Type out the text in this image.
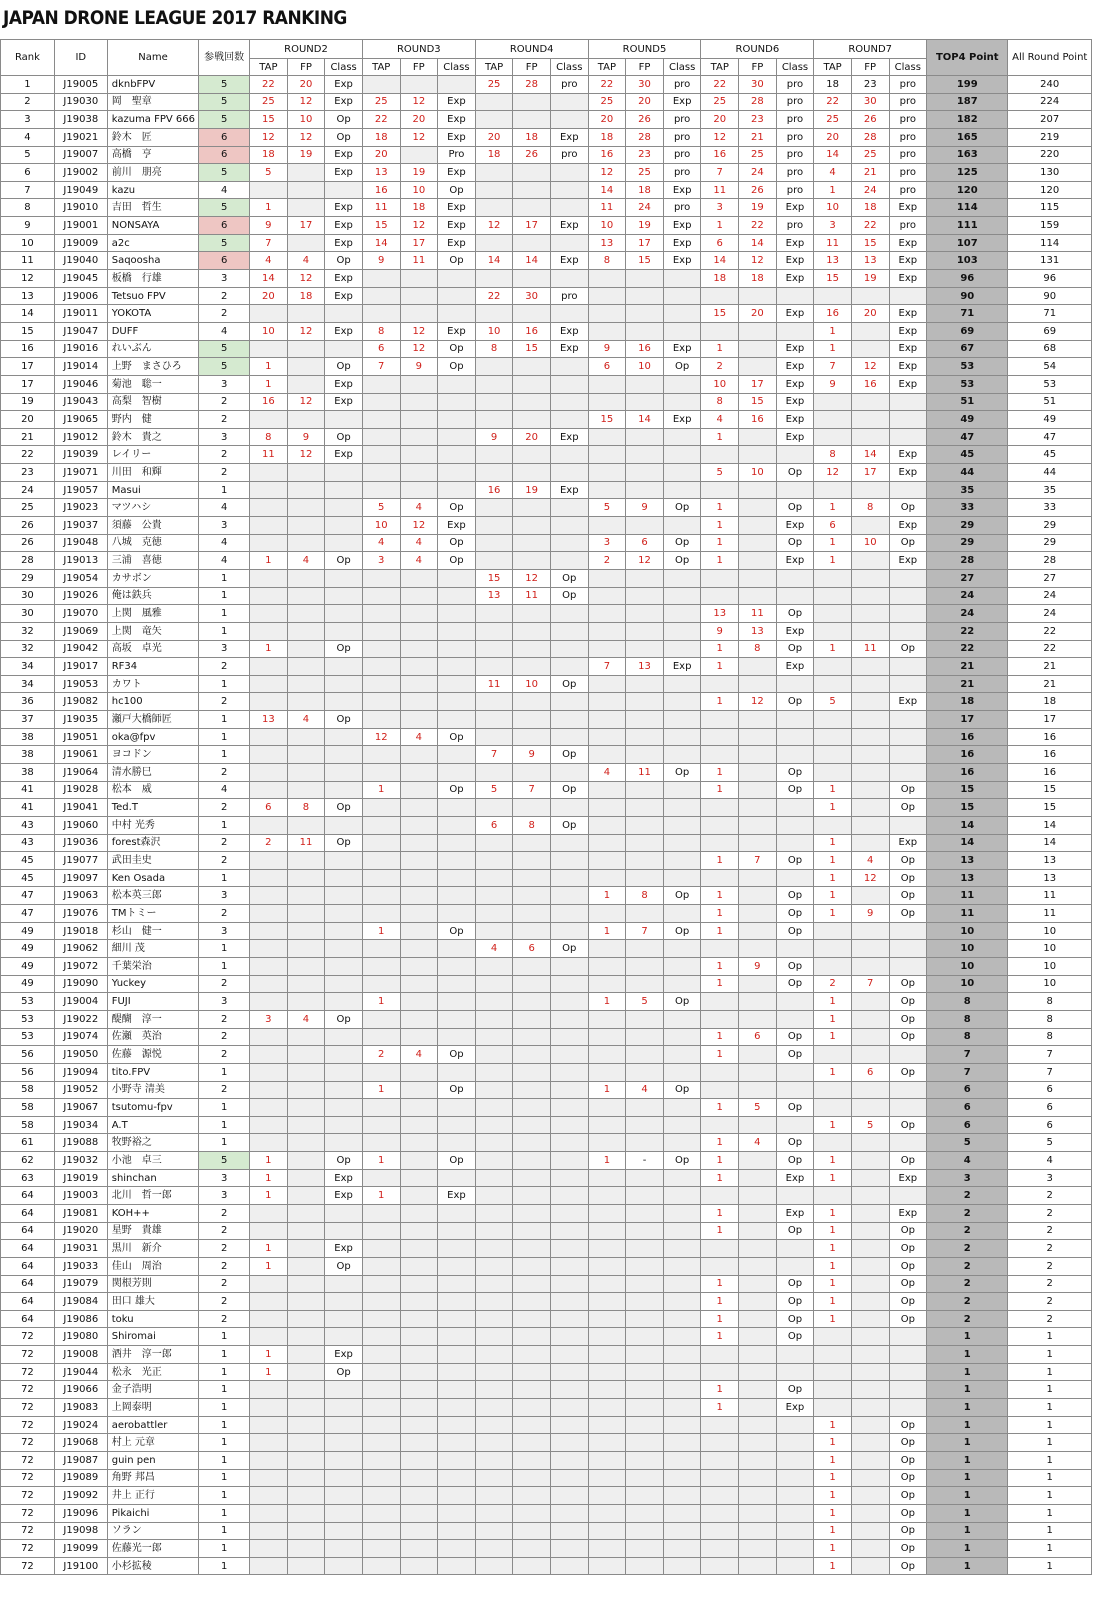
JAPAN DRONE LEAGUE 2017 RANKING
Rank	ID	Name	参戦回数	ROUND2			ROUND3			ROUND4			ROUND5			ROUND6			ROUND7			TOP4 Point	All Round Point
				TAP	FP	Class	TAP	FP	Class	TAP	FP	Class	TAP	FP	Class	TAP	FP	Class	TAP	FP	Class		
1	J19005	dknbFPV	5	22	20	Exp				25	28	pro	22	30	pro	22	30	pro	18	23	pro	199	240
2	J19030	岡　聖章	5	25	12	Exp	25	12	Exp				25	20	Exp	25	28	pro	22	30	pro	187	224
3	J19038	kazuma FPV 666	5	15	10	Op	22	20	Exp				20	26	pro	20	23	pro	25	26	pro	182	207
4	J19021	鈴木　匠	6	12	12	Op	18	12	Exp	20	18	Exp	18	28	pro	12	21	pro	20	28	pro	165	219
5	J19007	高橋　亨	6	18	19	Exp	20		Pro	18	26	pro	16	23	pro	16	25	pro	14	25	pro	163	220
6	J19002	前川　朋亮	5	5		Exp	13	19	Exp				12	25	pro	7	24	pro	4	21	pro	125	130
7	J19049	kazu	4				16	10	Op				14	18	Exp	11	26	pro	1	24	pro	120	120
8	J19010	吉田　哲生	5	1		Exp	11	18	Exp				11	24	pro	3	19	Exp	10	18	Exp	114	115
9	J19001	NONSAYA	6	9	17	Exp	15	12	Exp	12	17	Exp	10	19	Exp	1	22	pro	3	22	pro	111	159
10	J19009	a2c	5	7		Exp	14	17	Exp				13	17	Exp	6	14	Exp	11	15	Exp	107	114
11	J19040	Saqoosha	6	4	4	Op	9	11	Op	14	14	Exp	8	15	Exp	14	12	Exp	13	13	Exp	103	131
12	J19045	板橋　行雄	3	14	12	Exp										18	18	Exp	15	19	Exp	96	96
13	J19006	Tetsuo FPV	2	20	18	Exp				22	30	pro										90	90
14	J19011	YOKOTA	2													15	20	Exp	16	20	Exp	71	71
15	J19047	DUFF	4	10	12	Exp	8	12	Exp	10	16	Exp							1		Exp	69	69
16	J19016	れいぶん	5				6	12	Op	8	15	Exp	9	16	Exp	1		Exp	1		Exp	67	68
17	J19014	上野　まさひろ	5	1		Op	7	9	Op				6	10	Op	2		Exp	7	12	Exp	53	54
17	J19046	菊池　聡一	3	1		Exp										10	17	Exp	9	16	Exp	53	53
19	J19043	高梨　智樹	2	16	12	Exp										8	15	Exp				51	51
20	J19065	野内　健	2										15	14	Exp	4	16	Exp				49	49
21	J19012	鈴木　貴之	3	8	9	Op				9	20	Exp				1		Exp				47	47
22	J19039	レイリー	2	11	12	Exp													8	14	Exp	45	45
23	J19071	川田　和輝	2													5	10	Op	12	17	Exp	44	44
24	J19057	Masui	1							16	19	Exp										35	35
25	J19023	マツハシ	4				5	4	Op				5	9	Op	1		Op	1	8	Op	33	33
26	J19037	須藤　公貴	3				10	12	Exp							1		Exp	6		Exp	29	29
26	J19048	八城　克徳	4				4	4	Op				3	6	Op	1		Op	1	10	Op	29	29
28	J19013	三浦　喜徳	4	1	4	Op	3	4	Op				2	12	Op	1		Exp	1		Exp	28	28
29	J19054	カサボン	1							15	12	Op										27	27
30	J19026	俺は鉄兵	1							13	11	Op										24	24
30	J19070	上関　風雅	1													13	11	Op				24	24
32	J19069	上関　竜矢	1													9	13	Exp				22	22
32	J19042	高坂　卓光	3	1		Op										1	8	Op	1	11	Op	22	22
34	J19017	RF34	2										7	13	Exp	1		Exp				21	21
34	J19053	カワト	1							11	10	Op										21	21
36	J19082	hc100	2													1	12	Op	5		Exp	18	18
37	J19035	瀬戸大橋師匠	1	13	4	Op																17	17
38	J19051	oka@fpv	1				12	4	Op													16	16
38	J19061	ヨコドン	1							7	9	Op										16	16
38	J19064	清水勝巳	2										4	11	Op	1		Op				16	16
41	J19028	松本　威	4				1		Op	5	7	Op				1		Op	1		Op	15	15
41	J19041	Ted.T	2	6	8	Op													1		Op	15	15
43	J19060	中村 光秀	1							6	8	Op										14	14
43	J19036	forest森沢	2	2	11	Op													1		Exp	14	14
45	J19077	武田圭史	2													1	7	Op	1	4	Op	13	13
45	J19097	Ken Osada	1																1	12	Op	13	13
47	J19063	松本英三郎	3										1	8	Op	1		Op	1		Op	11	11
47	J19076	TMトミー	2													1		Op	1	9	Op	11	11
49	J19018	杉山　健一	3				1		Op				1	7	Op	1		Op				10	10
49	J19062	細川 茂	1							4	6	Op										10	10
49	J19072	千葉栄治	1													1	9	Op				10	10
49	J19090	Yuckey	2													1		Op	2	7	Op	10	10
53	J19004	FUJI	3				1						1	5	Op				1		Op	8	8
53	J19022	醍醐　淳一	2	3	4	Op													1		Op	8	8
53	J19074	佐瀬　英治	2													1	6	Op	1		Op	8	8
56	J19050	佐藤　源悦	2				2	4	Op							1		Op				7	7
56	J19094	tito.FPV	1																1	6	Op	7	7
58	J19052	小野寺 清美	2				1		Op				1	4	Op							6	6
58	J19067	tsutomu-fpv	1													1	5	Op				6	6
58	J19034	A.T	1																1	5	Op	6	6
61	J19088	牧野裕之	1													1	4	Op				5	5
62	J19032	小池　卓三	5	1		Op	1		Op				1	-	Op	1		Op	1		Op	4	4
63	J19019	shinchan	3	1		Exp										1		Exp	1		Exp	3	3
64	J19003	北川　哲一郎	3	1		Exp	1		Exp													2	2
64	J19081	KOH++	2													1		Exp	1		Exp	2	2
64	J19020	星野　貴雄	2													1		Op	1		Op	2	2
64	J19031	黒川　新介	2	1		Exp													1		Op	2	2
64	J19033	佳山　周治	2	1		Op													1		Op	2	2
64	J19079	関根芳則	2													1		Op	1		Op	2	2
64	J19084	田口 雄大	2													1		Op	1		Op	2	2
64	J19086	toku	2													1		Op	1		Op	2	2
72	J19080	Shiromai	1													1		Op				1	1
72	J19008	酒井　淳一郎	1	1		Exp																1	1
72	J19044	松永　光正	1	1		Op																1	1
72	J19066	金子浩明	1													1		Op				1	1
72	J19083	上岡泰明	1													1		Exp				1	1
72	J19024	aerobattler	1																1		Op	1	1
72	J19068	村上 元章	1																1		Op	1	1
72	J19087	guin pen	1																1		Op	1	1
72	J19089	角野 邦昌	1																1		Op	1	1
72	J19092	井上 正行	1																1		Op	1	1
72	J19096	Pikaichi	1																1		Op	1	1
72	J19098	ソラン	1																1		Op	1	1
72	J19099	佐藤光一郎	1																1		Op	1	1
72	J19100	小杉拡稜	1																1		Op	1	1
